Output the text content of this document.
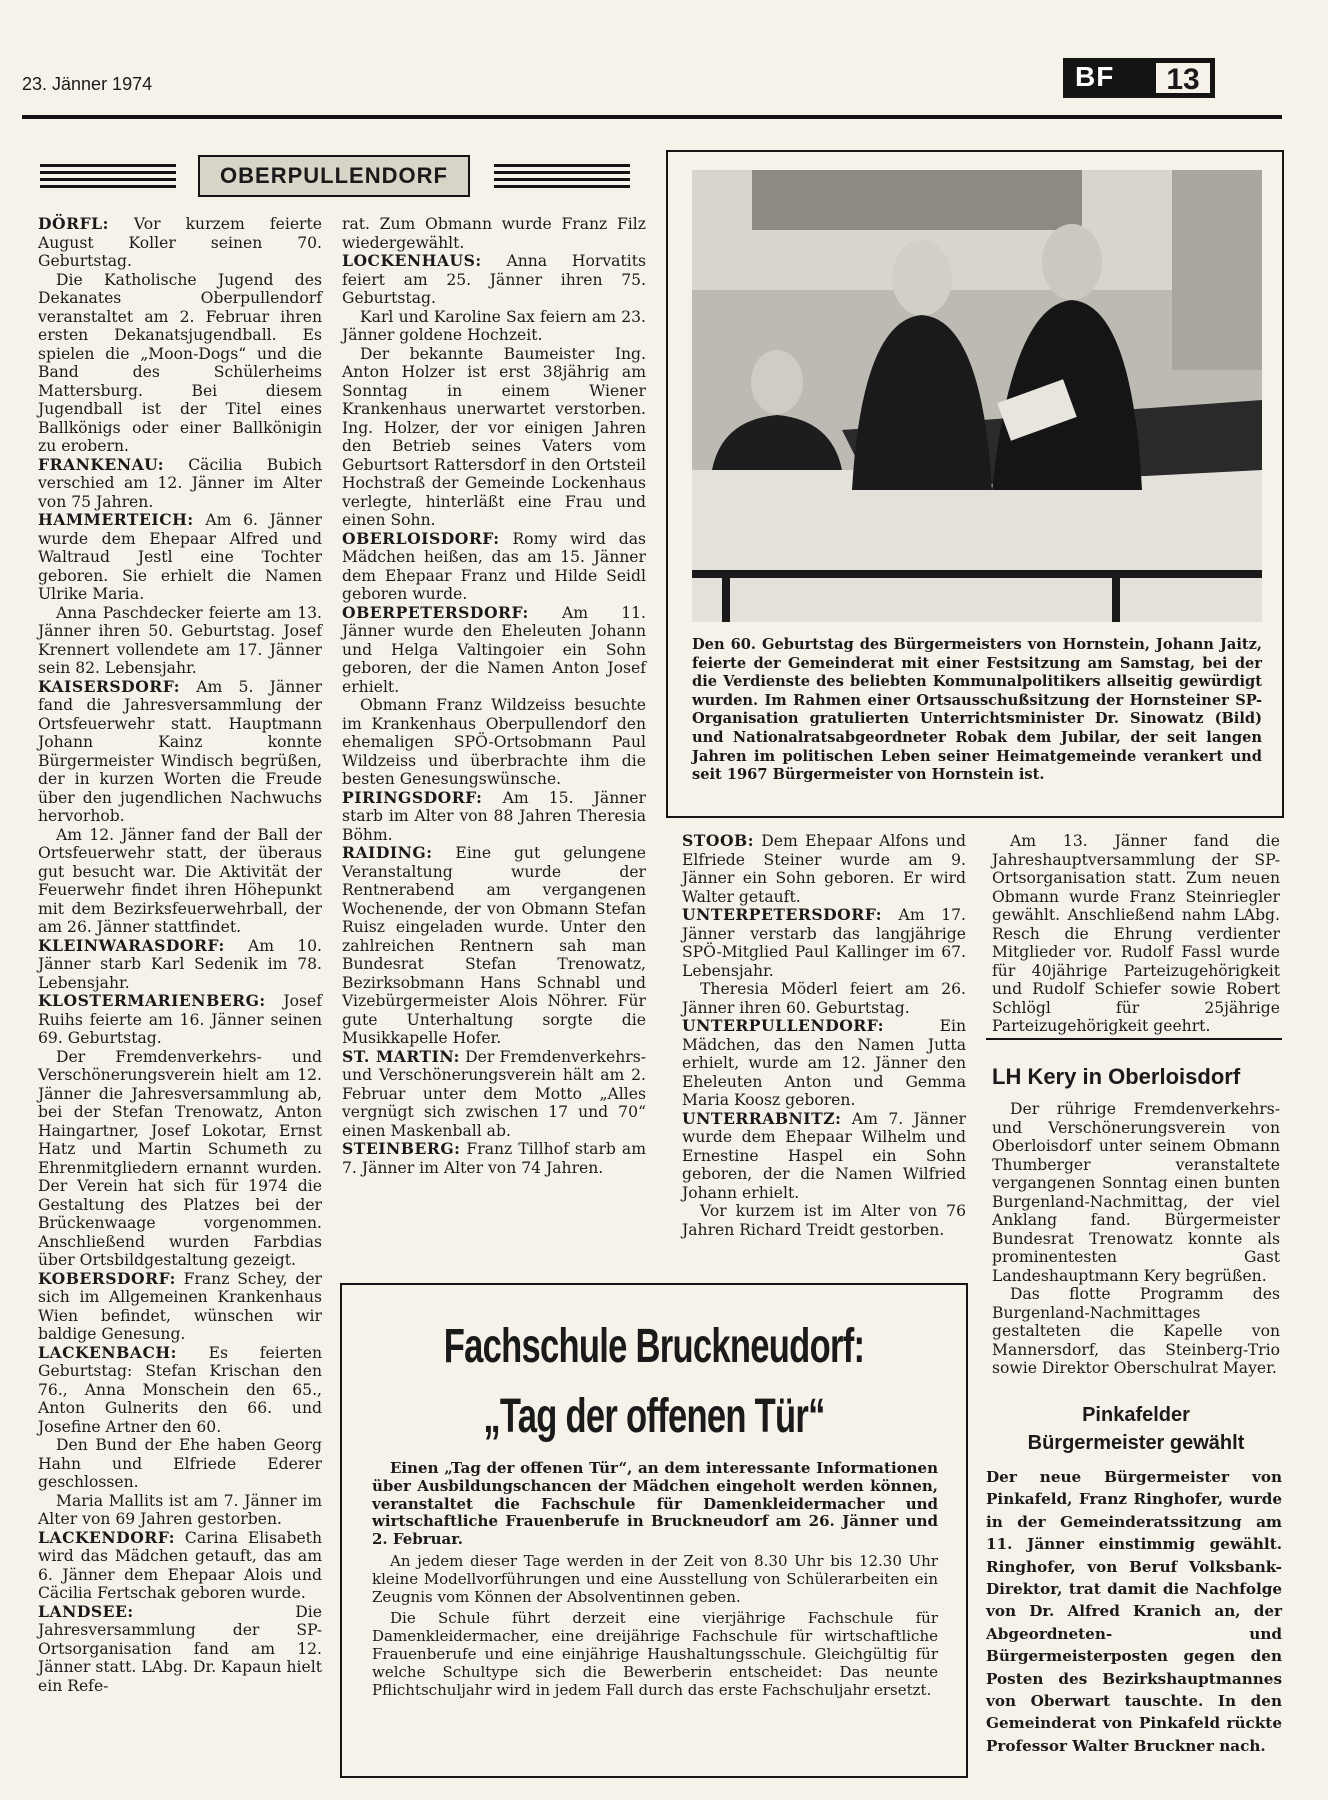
23. Jänner 1974	BF	13
OBERPULLENDORF

DÖRFL: Vor kurzem feierte August Koller seinen 70. Geburtstag.

Die Katholische Jugend des Dekanates Oberpullendorf veranstaltet am 2. Februar ihren ersten Dekanatsjugendball. Es spielen die „Moon-Dogs“ und die Band des Schülerheims Mattersburg. Bei diesem Jugendball ist der Titel eines Ballkönigs oder einer Ballkönigin zu erobern.

FRANKENAU: Cäcilia Bubich verschied am 12. Jänner im Alter von 75 Jahren.

HAMMERTEICH: Am 6. Jänner wurde dem Ehepaar Alfred und Waltraud Jestl eine Tochter geboren. Sie erhielt die Namen Ulrike Maria.

Anna Paschdecker feierte am 13. Jänner ihren 50. Geburtstag. Josef Krennert vollendete am 17. Jänner sein 82. Lebensjahr.

KAISERSDORF: Am 5. Jänner fand die Jahresversammlung der Ortsfeuerwehr statt. Hauptmann Johann Kainz konnte Bürgermeister Windisch begrüßen, der in kurzen Worten die Freude über den jugendlichen Nachwuchs hervorhob.

Am 12. Jänner fand der Ball der Ortsfeuerwehr statt, der überaus gut besucht war. Die Aktivität der Feuerwehr findet ihren Höhepunkt mit dem Bezirksfeuerwehrball, der am 26. Jänner stattfindet.

KLEINWARASDORF: Am 10. Jänner starb Karl Sedenik im 78. Lebensjahr.

KLOSTERMARIENBERG: Josef Ruihs feierte am 16. Jänner seinen 69. Geburtstag.

Der Fremdenverkehrs- und Verschönerungsverein hielt am 12. Jänner die Jahresversammlung ab, bei der Stefan Trenowatz, Anton Haingartner, Josef Lokotar, Ernst Hatz und Martin Schumeth zu Ehrenmitgliedern ernannt wurden. Der Verein hat sich für 1974 die Gestaltung des Platzes bei der Brückenwaage vorgenommen. Anschließend wurden Farbdias über Ortsbildgestaltung gezeigt.

KOBERSDORF: Franz Schey, der sich im Allgemeinen Krankenhaus Wien befindet, wünschen wir baldige Genesung.

LACKENBACH: Es feierten Geburtstag: Stefan Krischan den 76., Anna Monschein den 65., Anton Gulnerits den 66. und Josefine Artner den 60.

Den Bund der Ehe haben Georg Hahn und Elfriede Ederer geschlossen.

Maria Mallits ist am 7. Jänner im Alter von 69 Jahren gestorben.

LACKENDORF: Carina Elisabeth wird das Mädchen getauft, das am 6. Jänner dem Ehepaar Alois und Cäcilia Fertschak geboren wurde.

LANDSEE: Die Jahresversammlung der SP-Ortsorganisation fand am 12. Jänner statt. LAbg. Dr. Kapaun hielt ein Refe-

rat. Zum Obmann wurde Franz Filz wiedergewählt.

LOCKENHAUS: Anna Horvatits feiert am 25. Jänner ihren 75. Geburtstag.

Karl und Karoline Sax feiern am 23. Jänner goldene Hochzeit.

Der bekannte Baumeister Ing. Anton Holzer ist erst 38jährig am Sonntag in einem Wiener Krankenhaus unerwartet verstorben. Ing. Holzer, der vor einigen Jahren den Betrieb seines Vaters vom Geburtsort Rattersdorf in den Ortsteil Hochstraß der Gemeinde Lockenhaus verlegte, hinterläßt eine Frau und einen Sohn.

OBERLOISDORF: Romy wird das Mädchen heißen, das am 15. Jänner dem Ehepaar Franz und Hilde Seidl geboren wurde.

OBERPETERSDORF: Am 11. Jänner wurde den Eheleuten Johann und Helga Valtingoier ein Sohn geboren, der die Namen Anton Josef erhielt.

Obmann Franz Wildzeiss besuchte im Krankenhaus Oberpullendorf den ehemaligen SPÖ-Ortsobmann Paul Wildzeiss und überbrachte ihm die besten Genesungswünsche.

PIRINGSDORF: Am 15. Jänner starb im Alter von 88 Jahren Theresia Böhm.

RAIDING: Eine gut gelungene Veranstaltung wurde der Rentnerabend am vergangenen Wochenende, der von Obmann Stefan Ruisz eingeladen wurde. Unter den zahlreichen Rentnern sah man Bundesrat Stefan Trenowatz, Bezirksobmann Hans Schnabl und Vizebürgermeister Alois Nöhrer. Für gute Unterhaltung sorgte die Musikkapelle Hofer.

ST. MARTIN: Der Fremdenverkehrs- und Verschönerungsverein hält am 2. Februar unter dem Motto „Alles vergnügt sich zwischen 17 und 70“ einen Maskenball ab.

STEINBERG: Franz Tillhof starb am 7. Jänner im Alter von 74 Jahren.

Den 60. Geburtstag des Bürgermeisters von Hornstein, Johann Jaitz, feierte der Gemeinderat mit einer Festsitzung am Samstag, bei der die Verdienste des beliebten Kommunalpolitikers allseitig gewürdigt wurden. Im Rahmen einer Ortsausschußsitzung der Hornsteiner SP-Organisation gratulierten Unterrichtsminister Dr. Sinowatz (Bild) und Nationalratsabgeordneter Robak dem Jubilar, der seit langen Jahren im politischen Leben seiner Heimatgemeinde verankert und seit 1967 Bürgermeister von Hornstein ist.

STOOB: Dem Ehepaar Alfons und Elfriede Steiner wurde am 9. Jänner ein Sohn geboren. Er wird Walter getauft.

UNTERPETERSDORF: Am 17. Jänner verstarb das langjährige SPÖ-Mitglied Paul Kallinger im 67. Lebensjahr.

Theresia Möderl feiert am 26. Jänner ihren 60. Geburtstag.

UNTERPULLENDORF: Ein Mädchen, das den Namen Jutta erhielt, wurde am 12. Jänner den Eheleuten Anton und Gemma Maria Koosz geboren.

UNTERRABNITZ: Am 7. Jänner wurde dem Ehepaar Wilhelm und Ernestine Haspel ein Sohn geboren, der die Namen Wilfried Johann erhielt.

Vor kurzem ist im Alter von 76 Jahren Richard Treidt gestorben.

Am 13. Jänner fand die Jahreshauptversammlung der SP-Ortsorganisation statt. Zum neuen Obmann wurde Franz Steinriegler gewählt. Anschließend nahm LAbg. Resch die Ehrung verdienter Mitglieder vor. Rudolf Fassl wurde für 40jährige Parteizugehörigkeit und Rudolf Schiefer sowie Robert Schlögl für 25jährige Parteizugehörigkeit geehrt.

LH Kery in Oberloisdorf

Der rührige Fremdenverkehrs- und Verschönerungsverein von Oberloisdorf unter seinem Obmann Thumberger veranstaltete vergangenen Sonntag einen bunten Burgenland-Nachmittag, der viel Anklang fand. Bürgermeister Bundesrat Trenowatz konnte als prominentesten Gast Landeshauptmann Kery begrüßen.

Das flotte Programm des Burgenland-Nachmittages gestalteten die Kapelle von Mannersdorf, das Steinberg-Trio sowie Direktor Oberschulrat Mayer.

Pinkafelder
Bürgermeister gewählt

Der neue Bürgermeister von Pinkafeld, Franz Ringhofer, wurde in der Gemeinderatssitzung am 11. Jänner einstimmig gewählt. Ringhofer, von Beruf Volksbank-Direktor, trat damit die Nachfolge von Dr. Alfred Kranich an, der Abgeordneten- und Bürgermeisterposten gegen den Posten des Bezirkshauptmannes von Oberwart tauschte. In den Gemeinderat von Pinkafeld rückte Professor Walter Bruckner nach.

Fachschule Bruckneudorf:
„Tag der offenen Tür“

Einen „Tag der offenen Tür“, an dem interessante Informationen über Ausbildungschancen der Mädchen eingeholt werden können, veranstaltet die Fachschule für Damenkleidermacher und wirtschaftliche Frauenberufe in Bruckneudorf am 26. Jänner und 2. Februar.

An jedem dieser Tage werden in der Zeit von 8.30 Uhr bis 12.30 Uhr kleine Modellvorführungen und eine Ausstellung von Schülerarbeiten ein Zeugnis vom Können der Absolventinnen geben.

Die Schule führt derzeit eine vierjährige Fachschule für Damenkleidermacher, eine dreijährige Fachschule für wirtschaftliche Frauenberufe und eine einjährige Haushaltungsschule. Gleichgültig für welche Schultype sich die Bewerberin entscheidet: Das neunte Pflichtschuljahr wird in jedem Fall durch das erste Fachschuljahr ersetzt.
